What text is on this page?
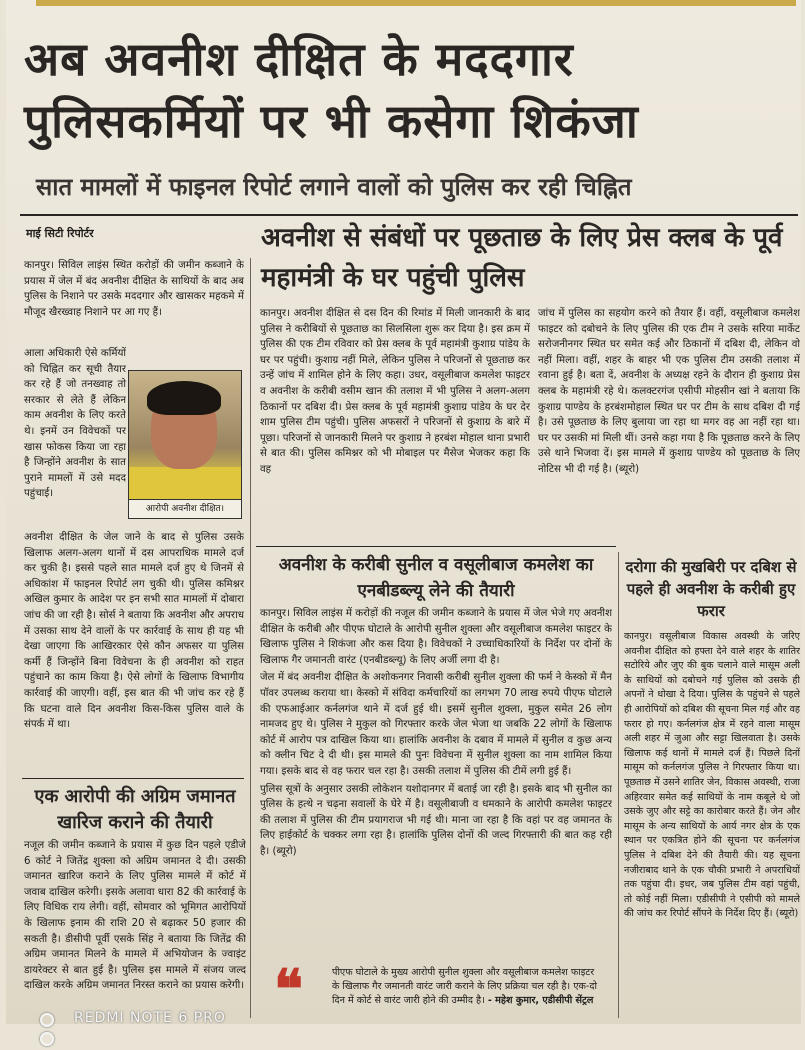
अब अवनीश दीक्षित के मददगार
पुलिसकर्मियों पर भी कसेगा शिकंजा
सात मामलों में फाइनल रिपोर्ट लगाने वालों को पुलिस कर रही चिह्नित
माई सिटी रिपोर्टर	अवनीश से संबंधों पर पूछताछ के लिए प्रेस क्लब के पूर्व महामंत्री के घर पहुंची पुलिस

कानपुर। सिविल लाइंस स्थित करोड़ों की जमीन कब्जाने के प्रयास में जेल में बंद अवनीश दीक्षित के साथियों के बाद अब पुलिस के निशाने पर उसके मददगार और खासकर महकमे में मौजूद खैरख्वाह निशाने पर आ गए हैं।

आला अधिकारी ऐसे कर्मियों को चिह्नित कर सूची तैयार कर रहे हैं जो तनख्वाह तो सरकार से लेते हैं लेकिन काम अवनीश के लिए करते थे। इनमें उन विवेचकों पर खास फोकस किया जा रहा है जिन्होंने अवनीश के सात पुराने मामलों में उसे मदद पहुंचाई।

आरोपी अवनीश दीक्षित।

अवनीश दीक्षित के जेल जाने के बाद से पुलिस उसके खिलाफ अलग-अलग थानों में दस आपराधिक मामले दर्ज कर चुकी है। इससे पहले सात मामले दर्ज हुए थे जिनमें से अधिकांश में फाइनल रिपोर्ट लग चुकी थी। पुलिस कमिश्नर अखिल कुमार के आदेश पर इन सभी सात मामलों में दोबारा जांच की जा रही है। सोर्स ने बताया कि अवनीश और अपराध में उसका साथ देने वालों के पर कार्रवाई के साथ ही यह भी देखा जाएगा कि आखिरकार ऐसे कौन अफसर या पुलिस कर्मी हैं जिन्होंने बिना विवेचना के ही अवनीश को राहत पहुंचाने का काम किया है। ऐसे लोगों के खिलाफ विभागीय कार्रवाई की जाएगी। वहीं, इस बात की भी जांच कर रहे हैं कि घटना वाले दिन अवनीश किस-किस पुलिस वाले के संपर्क में था।

एक आरोपी की अग्रिम जमानत खारिज कराने की तैयारी

नजूल की जमीन कब्जाने के प्रयास में कुछ दिन पहले एडीजे 6 कोर्ट ने जितेंद्र शुक्ला को अग्रिम जमानत दे दी। उसकी जमानत खारिज कराने के लिए पुलिस मामले में कोर्ट में जवाब दाखिल करेगी। इसके अलावा धारा 82 की कार्रवाई के लिए विधिक राय लेगी। वहीं, सोमवार को भूमिगत आरोपियों के खिलाफ इनाम की राशि 20 से बढ़ाकर 50 हजार की सकती है। डीसीपी पूर्वी एसके सिंह ने बताया कि जितेंद्र की अग्रिम जमानत मिलने के मामले में अभियोजन के ज्वाइंट डायरेक्टर से बात हुई है। पुलिस इस मामले में संजय जल्द दाखिल करके अग्रिम जमानत निरस्त कराने का प्रयास करेगी।

कानपुर। अवनीश दीक्षित से दस दिन की रिमांड में मिली जानकारी के बाद पुलिस ने करीबियों से पूछताछ का सिलसिला शुरू कर दिया है। इस क्रम में पुलिस की एक टीम रविवार को प्रेस क्लब के पूर्व महामंत्री कुशाग्र पांडेय के घर पर पहुंची। कुशाग्र नहीं मिले, लेकिन पुलिस ने परिजनों से पूछताछ कर उन्हें जांच में शामिल होने के लिए कहा। उधर, वसूलीबाज कमलेश फाइटर व अवनीश के करीबी वसीम खान की तलाश में भी पुलिस ने अलग-अलग ठिकानों पर दबिश दी। प्रेस क्लब के पूर्व महामंत्री कुशाग्र पांडेय के घर देर शाम पुलिस टीम पहुंची। पुलिस अफसरों ने परिजनों से कुशाग्र के बारे में पूछा। परिजनों से जानकारी मिलने पर कुशाग्र ने हरबंश मोहाल थाना प्रभारी से बात की। पुलिस कमिश्नर को भी मोबाइल पर मैसेज भेजकर कहा कि वह

जांच में पुलिस का सहयोग करने को तैयार हैं। वहीं, वसूलीबाज कमलेश फाइटर को दबोचने के लिए पुलिस की एक टीम ने उसके सरिया मार्केट सरोजनीनगर स्थित घर समेत कई और ठिकानों में दबिश दी, लेकिन वो नहीं मिला। वहीं, शहर के बाहर भी एक पुलिस टीम उसकी तलाश में रवाना हुई है। बता दें, अवनीश के अध्यक्ष रहने के दौरान ही कुशाग्र प्रेस क्लब के महामंत्री रहे थे। कलक्टरगंज एसीपी मोहसीन खां ने बताया कि कुशाग्र पाण्डेय के हरबंशमोहाल स्थित घर पर टीम के साथ दबिश दी गई है। उसे पूछताछ के लिए बुलाया जा रहा था मगर वह आ नहीं रहा था। घर पर उसकी मां मिली थीं। उनसे कहा गया है कि पूछताछ करने के लिए उसे थाने भिजवा दें। इस मामले में कुशाग्र पाण्डेय को पूछताछ के लिए नोटिस भी दी गई है। (ब्यूरो)

अवनीश के करीबी सुनील व वसूलीबाज कमलेश का एनबीडब्ल्यू लेने की तैयारी

कानपुर। सिविल लाइंस में करोड़ों की नजूल की जमीन कब्जाने के प्रयास में जेल भेजे गए अवनीश दीक्षित के करीबी और पीएफ घोटाले के आरोपी सुनील शुक्ला और वसूलीबाज कमलेश फाइटर के खिलाफ पुलिस ने शिकंजा और कस दिया है। विवेचकों ने उच्चाधिकारियों के निर्देश पर दोनों के खिलाफ गैर जमानती वारंट (एनबीडब्ल्यू) के लिए अर्जी लगा दी है।

जेल में बंद अवनीश दीक्षित के अशोकनगर निवासी करीबी सुनील शुक्ला की फर्म ने केस्को में मैन पॉवर उपलब्ध कराया था। केस्को में संविदा कर्मचारियों का लगभग 70 लाख रुपये पीएफ घोटाले की एफआईआर कर्नलगंज थाने में दर्ज हुई थी। इसमें सुनील शुक्ला, मुकुल समेत 26 लोग नामजद हुए थे। पुलिस ने मुकुल को गिरफ्तार करके जेल भेजा था जबकि 22 लोगों के खिलाफ कोर्ट में आरोप पत्र दाखिल किया था। हालांकि अवनीश के दबाव में मामले में सुनील व कुछ अन्य को क्लीन चिट दे दी थी। इस मामले की पुनः विवेचना में सुनील शुक्ला का नाम शामिल किया गया। इसके बाद से वह फरार चल रहा है। उसकी तलाश में पुलिस की टीमें लगी हुई हैं।

पुलिस सूत्रों के अनुसार उसकी लोकेशन यशोदानगर में बताई जा रही है। इसके बाद भी सुनील का पुलिस के हत्थे न चढ़ना सवालों के घेरे में है। वसूलीबाजी व धमकाने के आरोपी कमलेश फाइटर की तलाश में पुलिस की टीम प्रयागराज भी गई थी। माना जा रहा है कि वहां पर वह जमानत के लिए हाईकोर्ट के चक्कर लगा रहा है। हालांकि पुलिस दोनों की जल्द गिरफ्तारी की बात कह रही है। (ब्यूरो)

❝	पीएफ घोटाले के मुख्य आरोपी सुनील शुक्ला और वसूलीबाज कमलेश फाइटर के खिलाफ गैर जमानती वारंट जारी कराने के लिए प्रक्रिया चल रही है। एक-दो दिन में कोर्ट से वारंट जारी होने की उम्मीद है। - महेश कुमार, एडीसीपी सेंट्रल
दरोगा की मुखबिरी पर दबिश से पहले ही अवनीश के करीबी हुए फरार

कानपुर। वसूलीबाज विकास अवस्थी के जरिए अवनीश दीक्षित को हफ्ता देने वाले शहर के शातिर सटोरिये और जुए की बुक चलाने वाले मासूम अली के साथियों को दबोचने गई पुलिस को उसके ही अपनों ने धोखा दे दिया। पुलिस के पहुंचने से पहले ही आरोपियों को दबिश की सूचना मिल गई और वह फरार हो गए। कर्नलगंज क्षेत्र में रहने वाला मासूम अली शहर में जुआ और सट्टा खिलवाता है। उसके खिलाफ कई थानों में मामले दर्ज हैं। पिछले दिनों मासूम को कर्नलगंज पुलिस ने गिरफ्तार किया था। पूछताछ में उसने शातिर जेन, विकास अवस्थी, राजा अहिरवार समेत कई साथियों के नाम कबूले थे जो उसके जुए और सट्टे का कारोबार करते हैं। जेन और मासूम के अन्य साथियों के आर्य नगर क्षेत्र के एक स्थान पर एकत्रित होने की सूचना पर कर्नलगंज पुलिस ने दबिश देने की तैयारी की। यह सूचना नजीराबाद थाने के एक चौकी प्रभारी ने अपराधियों तक पहुंचा दी। इधर, जब पुलिस टीम वहां पहुंची, तो कोई नहीं मिला। एडीसीपी ने एसीपी को मामले की जांच कर रिपोर्ट सौंपने के निर्देश दिए हैं। (ब्यूरो)

REDMI NOTE 6 PRO
